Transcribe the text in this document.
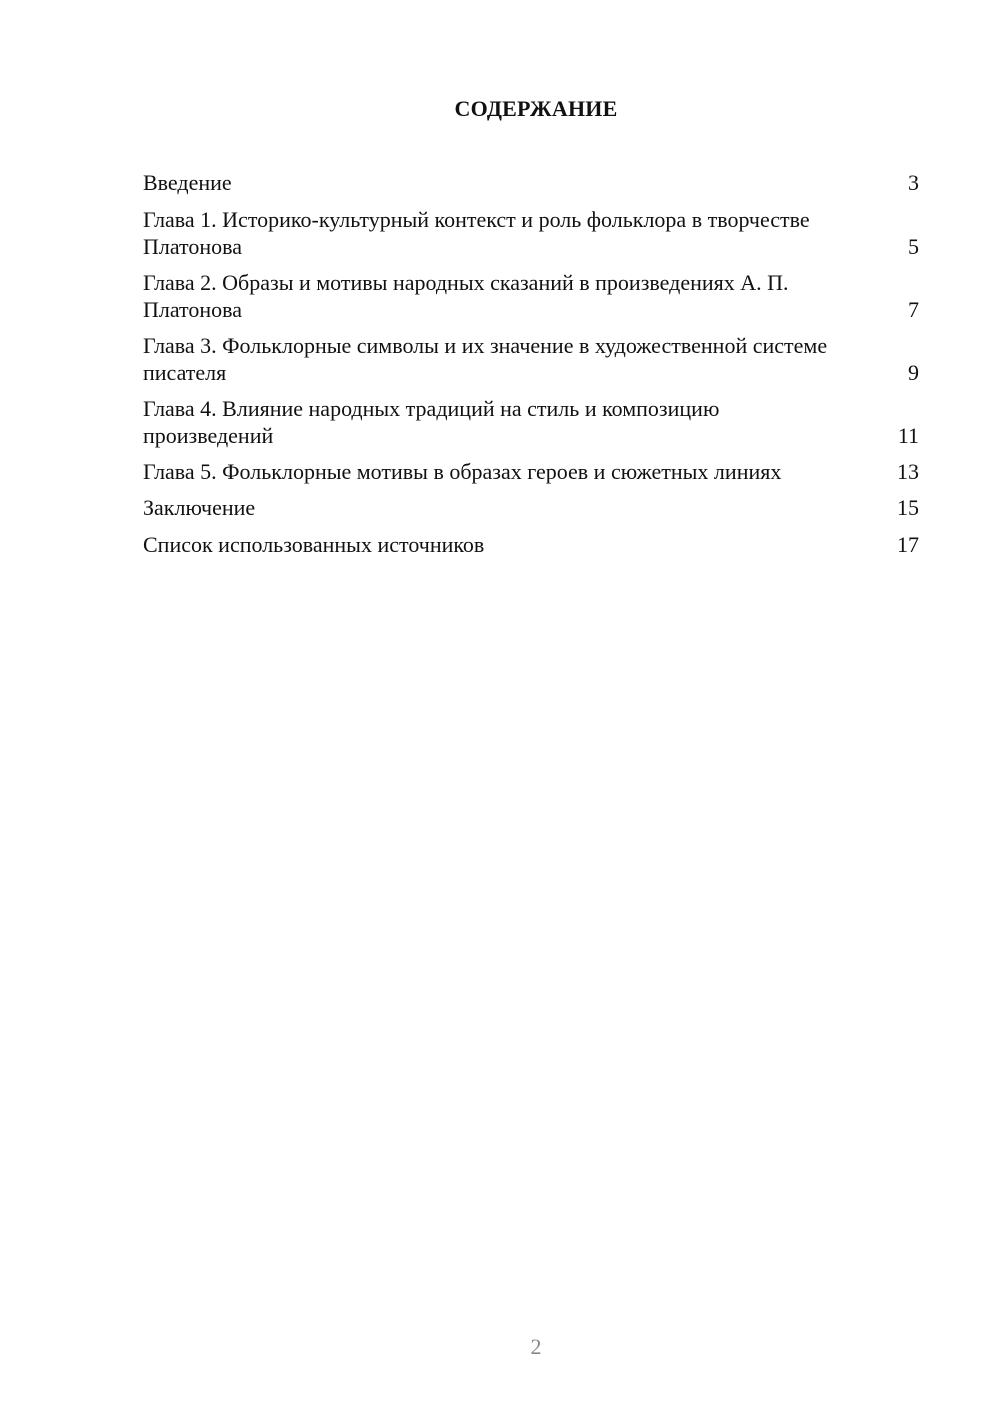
СОДЕРЖАНИЕ
Введение	3
Глава 1. Историко-культурный контекст и роль фольклора в творчестве Платонова	5
Глава 2. Образы и мотивы народных сказаний в произведениях А. П. Платонова	7
Глава 3. Фольклорные символы и их значение в художественной системе писателя	9
Глава 4. Влияние народных традиций на стиль и композицию произведений	11
Глава 5. Фольклорные мотивы в образах героев и сюжетных линиях	13
Заключение	15
Список использованных источников	17
2
